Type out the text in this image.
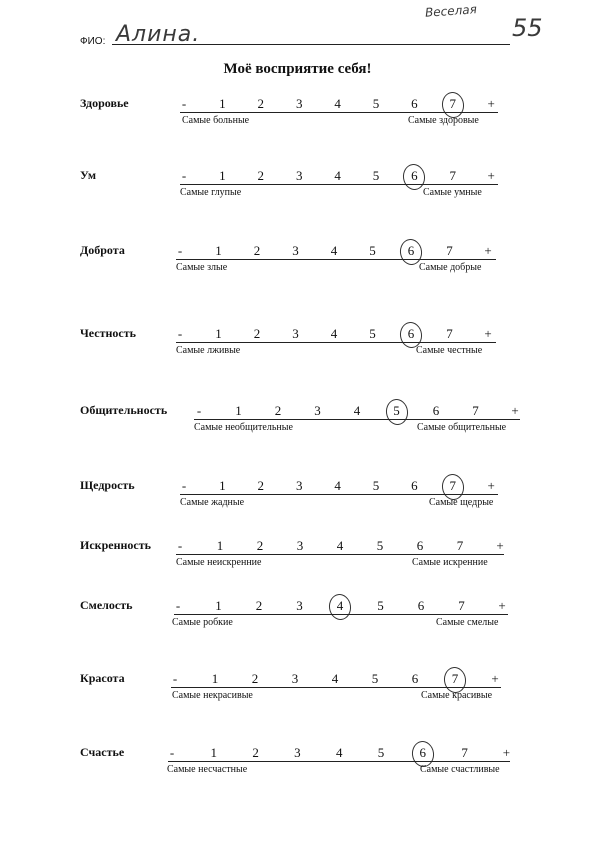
ФИО: Алина.
Веселая
55
Моё восприятие себя!
Здоровье	-	1 2 3 4 5 6 7 +
Самые больные	Самые здоровые
Ум	-	1 2 3 4 5 6 7 +
Самые глупые	Самые умные
Доброта	-	1 2 3 4 5 6 7 +
Самые злые	Самые добрые
Честность	-	1 2 3 4 5 6 7 +
Самые лживые	Самые честные
Общительность -	1	2	3	4	5	6	7	+
Самые необщительные	Самые общительные
Щедрость	-	1 2 3 4 5 6 7 +
Самые жадные	Самые щедрые
Искренность -	1	2	3	4	5	6	7	+
Самые неискренние	Самые искренние
Смелость	-	1	2	3	4	5	6	7	+
Самые робкие	Самые смелые
Красота	-	1	2	3	4	5	6	7	+
Самые некрасивые	Самые красивые
Счастье	-	1	2	3	4	5	6	7	+
Самые несчастные	Самые счастливые
